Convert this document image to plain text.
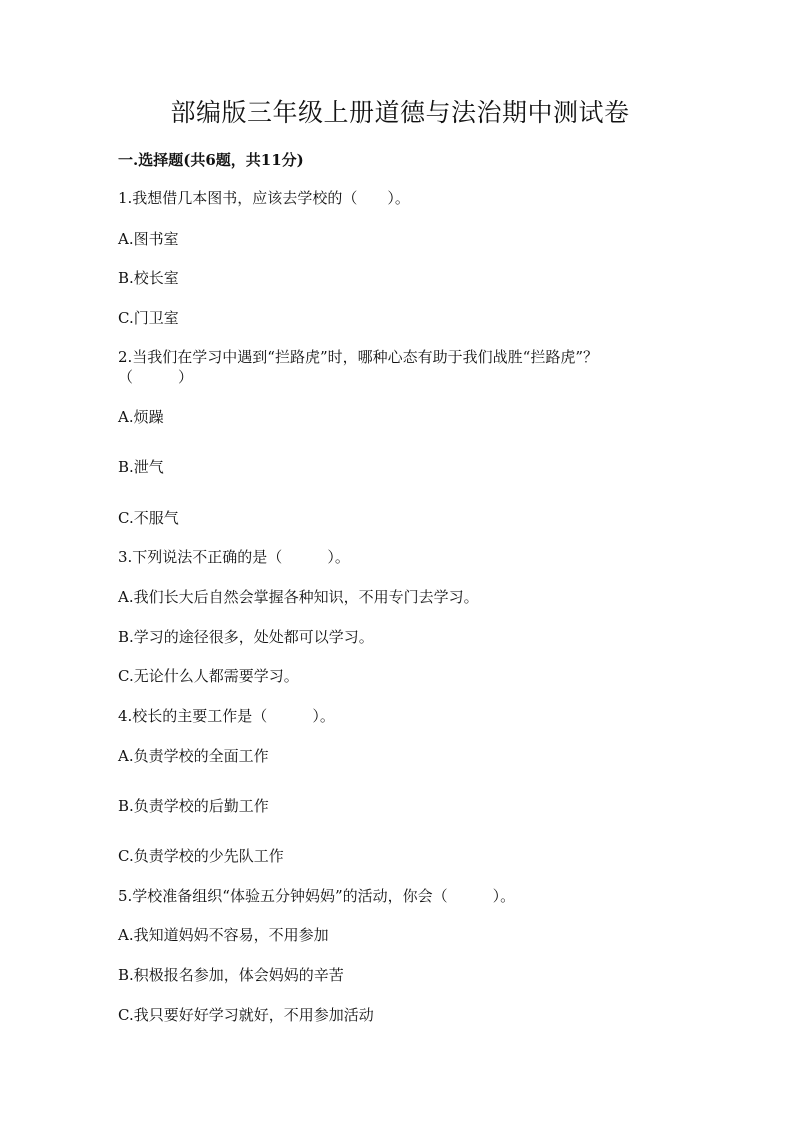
部编版三年级上册道德与法治期中测试卷
一.选择题(共6题，共11分)
1.我想借几本图书，应该去学校的（　　）。
A.图书室
B.校长室
C.门卫室
2.当我们在学习中遇到“拦路虎”时，哪种心态有助于我们战胜“拦路虎”？
（　　　）
A.烦躁
B.泄气
C.不服气
3.下列说法不正确的是（　　　）。
A.我们长大后自然会掌握各种知识，不用专门去学习。
B.学习的途径很多，处处都可以学习。
C.无论什么人都需要学习。
4.校长的主要工作是（　　　）。
A.负责学校的全面工作
B.负责学校的后勤工作
C.负责学校的少先队工作
5.学校准备组织“体验五分钟妈妈”的活动，你会（　　　）。
A.我知道妈妈不容易，不用参加
B.积极报名参加，体会妈妈的辛苦
C.我只要好好学习就好，不用参加活动
